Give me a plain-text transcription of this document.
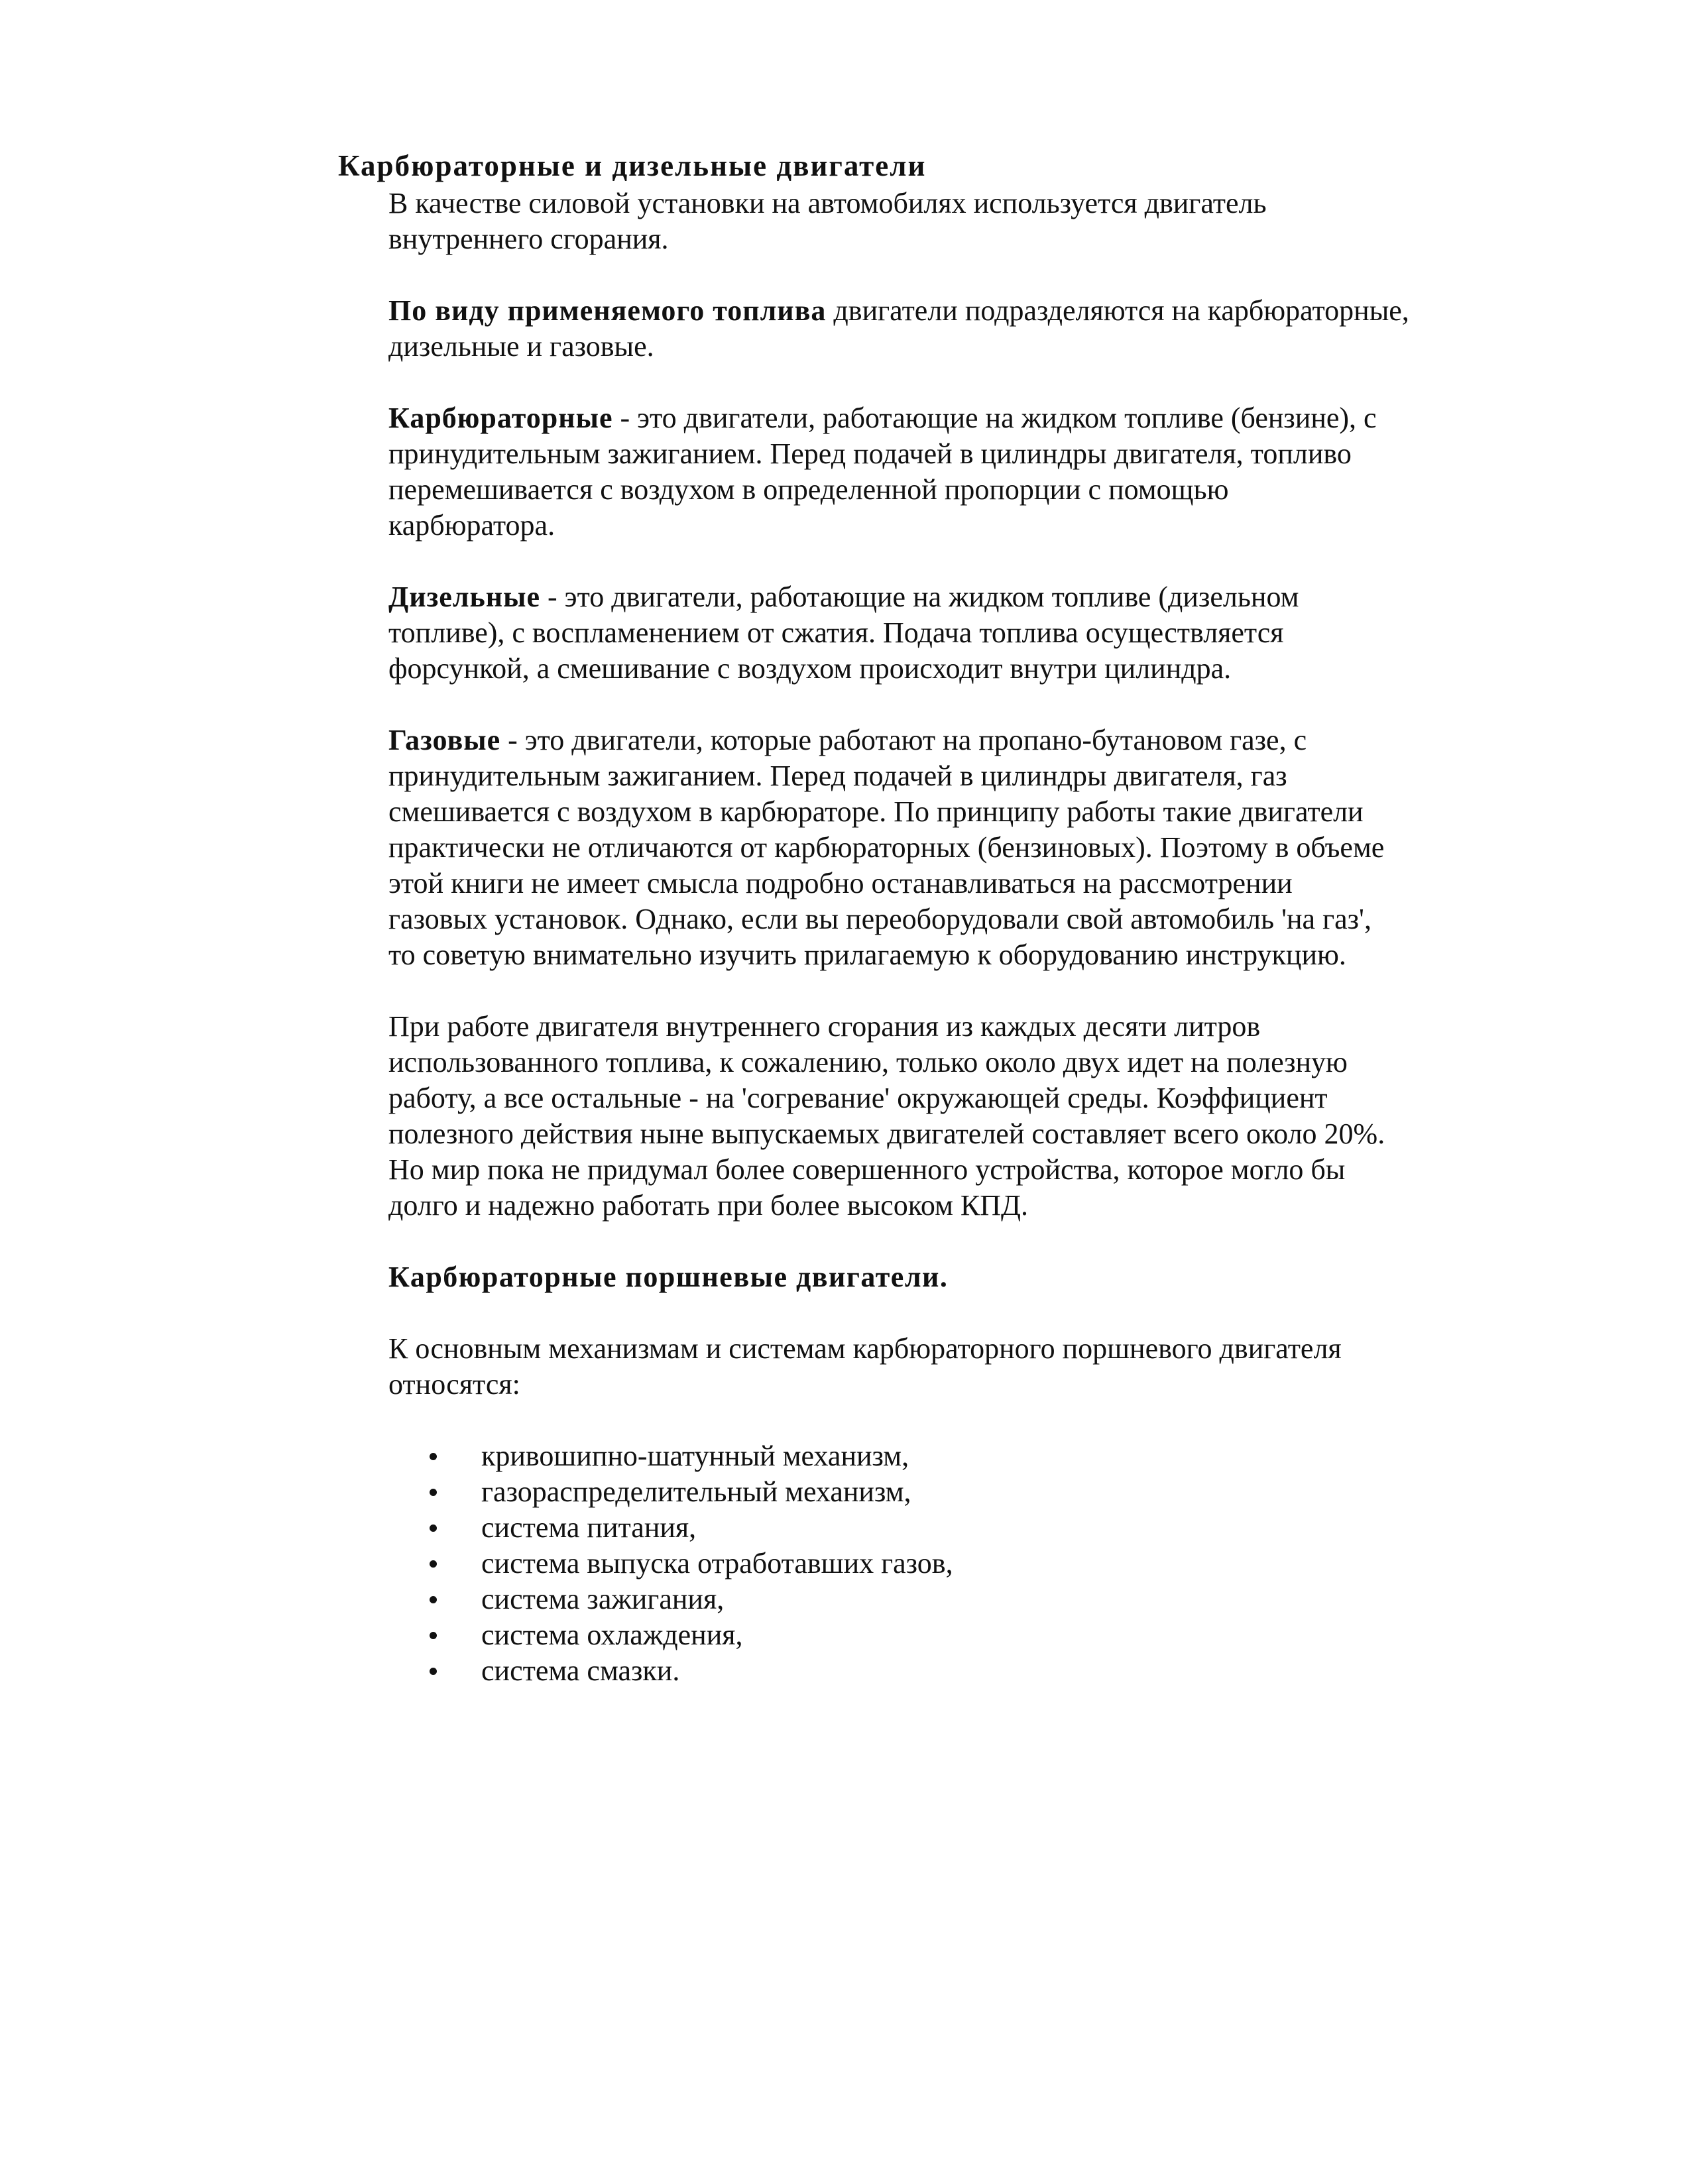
Карбюраторные и дизельные двигатели

В качестве силовой установки на автомобилях используется двигатель
внутреннего сгорания.

По виду применяемого топлива двигатели подразделяются на карбюраторные,
дизельные и газовые.

Карбюраторные - это двигатели, работающие на жидком топливе (бензине), с
принудительным зажиганием. Перед подачей в цилиндры двигателя, топливо
перемешивается с воздухом в определенной пропорции с помощью
карбюратора.

Дизельные - это двигатели, работающие на жидком топливе (дизельном
топливе), с воспламенением от сжатия. Подача топлива осуществляется
форсункой, а смешивание с воздухом происходит внутри цилиндра.

Газовые - это двигатели, которые работают на пропано-бутановом газе, с
принудительным зажиганием. Перед подачей в цилиндры двигателя, газ
смешивается с воздухом в карбюраторе. По принципу работы такие двигатели
практически не отличаются от карбюраторных (бензиновых). Поэтому в объеме
этой книги не имеет смысла подробно останавливаться на рассмотрении
газовых установок. Однако, если вы переоборудовали свой автомобиль 'на газ',
то советую внимательно изучить прилагаемую к оборудованию инструкцию.

При работе двигателя внутреннего сгорания из каждых десяти литров
использованного топлива, к сожалению, только около двух идет на полезную
работу, а все остальные - на 'согревание' окружающей среды. Коэффициент
полезного действия ныне выпускаемых двигателей составляет всего около 20%.
Но мир пока не придумал более совершенного устройства, которое могло бы
долго и надежно работать при более высоком КПД.

Карбюраторные поршневые двигатели.

К основным механизмам и системам карбюраторного поршневого двигателя
относятся:

кривошипно-шатунный механизм,
газораспределительный механизм,
система питания,
система выпуска отработавших газов,
система зажигания,
система охлаждения,
система смазки.
